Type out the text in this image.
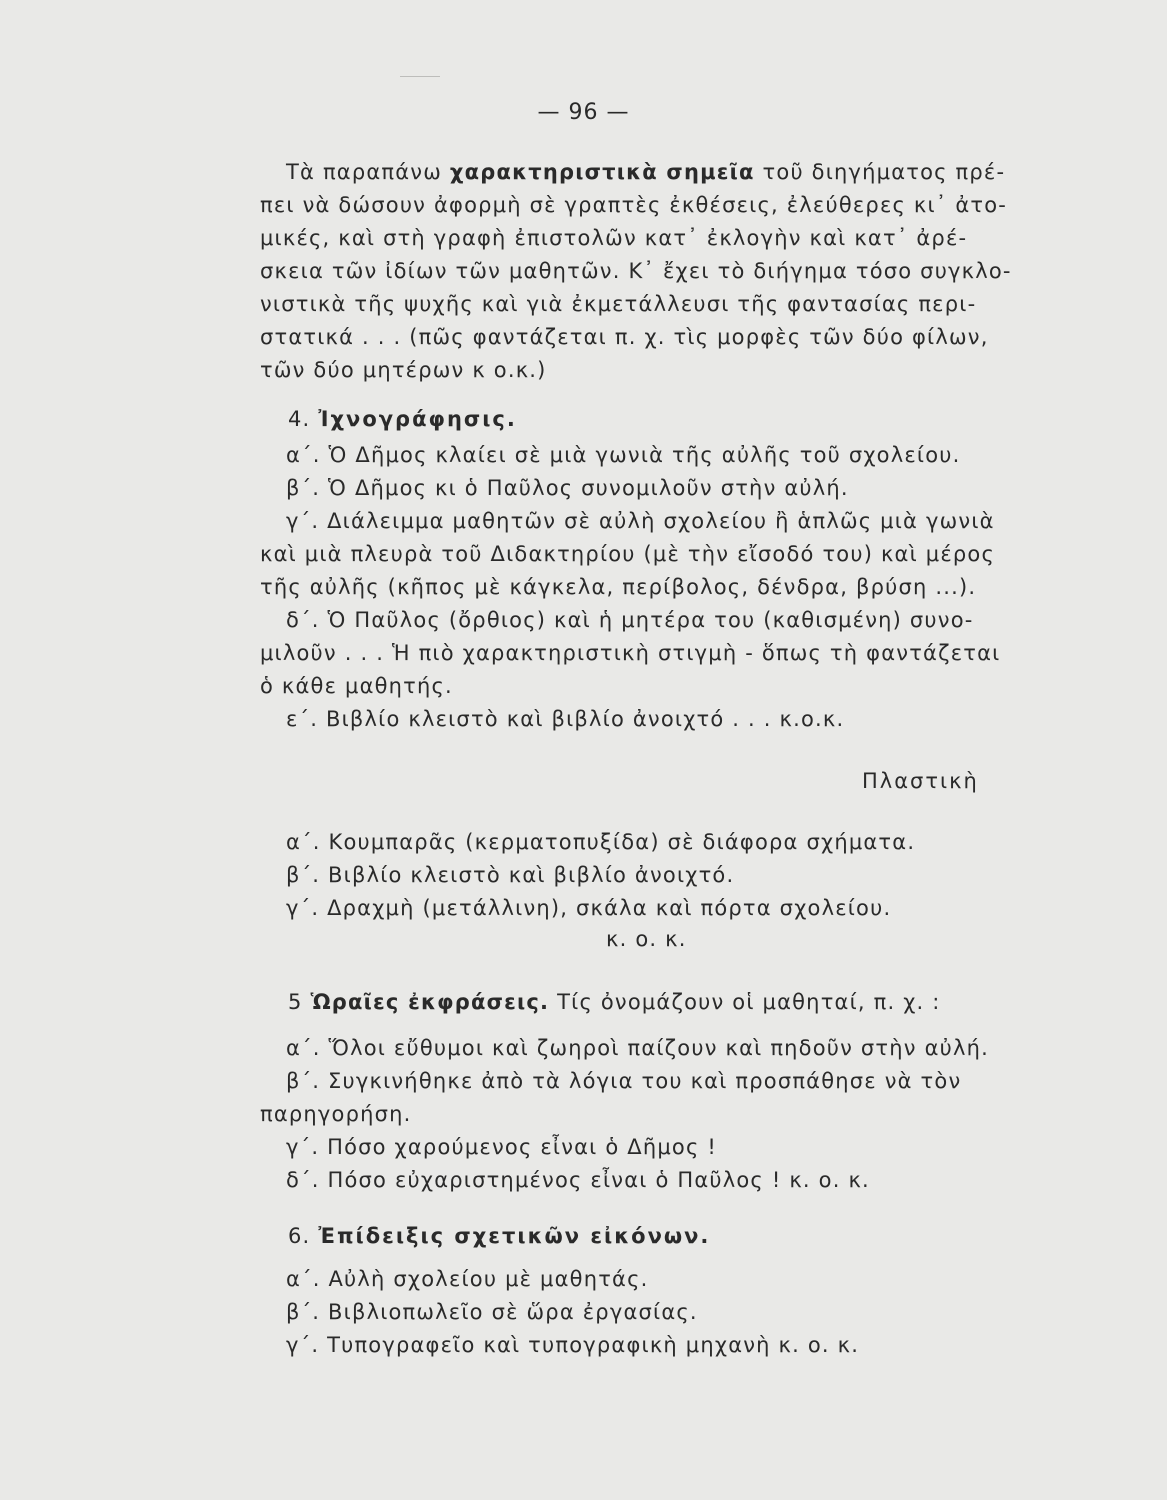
— 96 —
Τὰ παραπάνω χαρακτηριστικὰ σημεῖα τοῦ διηγήματος πρέ-
πει νὰ δώσουν ἀφορμὴ σὲ γραπτὲς ἐκθέσεις, ἐλεύθερες κι᾽ ἀτο-
μικές, καὶ στὴ γραφὴ ἐπιστολῶν κατ᾽ ἐκλογὴν καὶ κατ᾽ ἀρέ-
σκεια τῶν ἰδίων τῶν μαθητῶν. Κ᾽ ἔχει τὸ διήγημα τόσο συγκλο-
νιστικὰ τῆς ψυχῆς καὶ γιὰ ἐκμετάλλευσι τῆς φαντασίας περι-
στατικά . . . (πῶς φαντάζεται π. χ. τὶς μορφὲς τῶν δύο φίλων,
τῶν δύο μητέρων κ ο.κ.)
4. Ἰχνογράφησις.
α΄. Ὁ Δῆμος κλαίει σὲ μιὰ γωνιὰ τῆς αὐλῆς τοῦ σχολείου.
β΄. Ὁ Δῆμος κι ὁ Παῦλος συνομιλοῦν στὴν αὐλή.
γ΄. Διάλειμμα μαθητῶν σὲ αὐλὴ σχολείου ἢ ἁπλῶς μιὰ γωνιὰ
καὶ μιὰ πλευρὰ τοῦ Διδακτηρίου (μὲ τὴν εἴσοδό του) καὶ μέρος
τῆς αὐλῆς (κῆπος μὲ κάγκελα, περίβολος, δένδρα, βρύση ...).
δ΄. Ὁ Παῦλος (ὄρθιος) καὶ ἡ μητέρα του (καθισμένη) συνο-
μιλοῦν . . . Ἡ πιὸ χαρακτηριστικὴ στιγμὴ - ὅπως τὴ φαντάζεται
ὁ κάθε μαθητής.
ε΄. Βιβλίο κλειστὸ καὶ βιβλίο ἀνοιχτό . . . κ.ο.κ.
Πλαστικὴ
α΄. Κουμπαρᾶς (κερματοπυξίδα) σὲ διάφορα σχήματα.
β΄. Βιβλίο κλειστὸ καὶ βιβλίο ἀνοιχτό.
γ΄. Δραχμὴ (μετάλλινη), σκάλα καὶ πόρτα σχολείου.
κ. ο. κ.
5 Ὡραῖες ἐκφράσεις. Τίς ὀνομάζουν οἱ μαθηταί, π. χ. :
α΄. Ὅλοι εὔθυμοι καὶ ζωηροὶ παίζουν καὶ πηδοῦν στὴν αὐλή.
β΄. Συγκινήθηκε ἀπὸ τὰ λόγια του καὶ προσπάθησε νὰ τὸν
παρηγορήση.
γ΄. Πόσο χαρούμενος εἶναι ὁ Δῆμος !
δ΄. Πόσο εὐχαριστημένος εἶναι ὁ Παῦλος ! κ. ο. κ.
6. Ἐπίδειξις σχετικῶν εἰκόνων.
α΄. Αὐλὴ σχολείου μὲ μαθητάς.
β΄. Βιβλιοπωλεῖο σὲ ὥρα ἐργασίας.
γ΄. Τυπογραφεῖο καὶ τυπογραφικὴ μηχανὴ κ. ο. κ.
